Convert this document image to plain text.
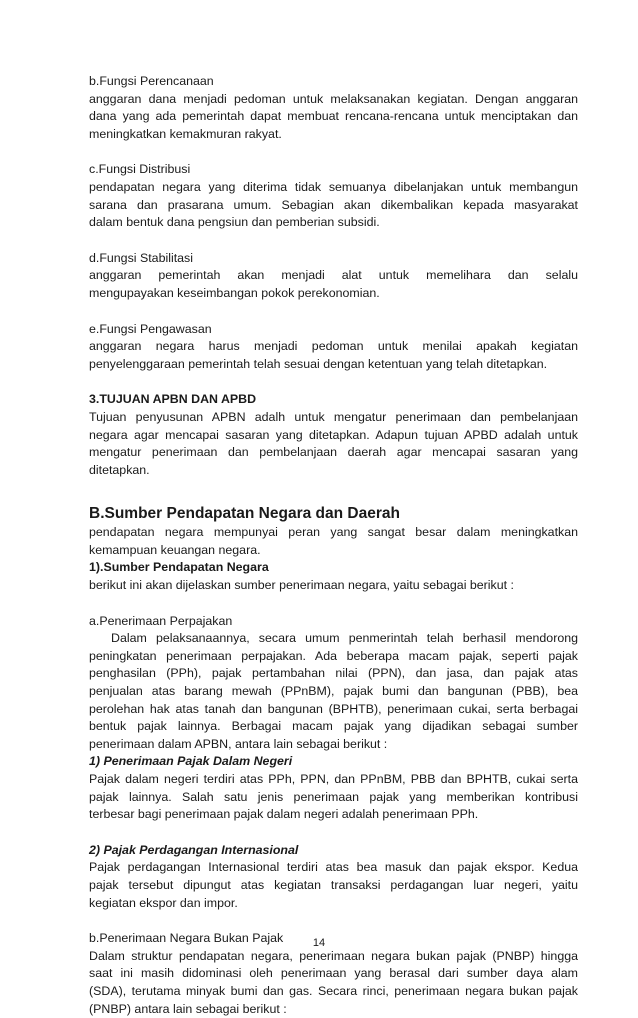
b.Fungsi Perencanaan
anggaran dana menjadi pedoman untuk melaksanakan kegiatan. Dengan anggaran
dana yang ada pemerintah dapat membuat rencana-rencana untuk menciptakan dan
meningkatkan kemakmuran rakyat.
c.Fungsi Distribusi
pendapatan negara yang diterima tidak semuanya dibelanjakan untuk membangun
sarana dan prasarana umum. Sebagian akan dikembalikan kepada masyarakat
dalam bentuk dana pengsiun dan pemberian subsidi.
d.Fungsi Stabilitasi
anggaran pemerintah akan menjadi alat untuk memelihara dan selalu
mengupayakan keseimbangan pokok perekonomian.
e.Fungsi Pengawasan
anggaran negara harus menjadi pedoman untuk menilai apakah kegiatan
penyelenggaraan pemerintah telah sesuai dengan ketentuan yang telah ditetapkan.
3.TUJUAN APBN DAN APBD
Tujuan penyusunan APBN adalh untuk mengatur penerimaan dan pembelanjaan
negara agar mencapai sasaran yang ditetapkan. Adapun tujuan APBD adalah untuk
mengatur penerimaan dan pembelanjaan daerah agar mencapai sasaran yang
ditetapkan.
B.Sumber Pendapatan Negara dan Daerah
pendapatan negara mempunyai peran yang sangat besar dalam meningkatkan
kemampuan keuangan negara.
1).Sumber Pendapatan Negara
berikut ini akan dijelaskan sumber penerimaan negara, yaitu sebagai berikut :
a.Penerimaan Perpajakan
Dalam pelaksanaannya, secara umum penmerintah telah berhasil mendorong
peningkatan penerimaan perpajakan. Ada beberapa macam pajak, seperti pajak
penghasilan (PPh), pajak pertambahan nilai (PPN), dan jasa, dan pajak atas
penjualan atas barang mewah (PPnBM), pajak bumi dan bangunan (PBB), bea
perolehan hak atas tanah dan bangunan (BPHTB), penerimaan cukai, serta berbagai
bentuk pajak lainnya. Berbagai macam pajak yang dijadikan sebagai sumber
penerimaan dalam APBN, antara lain sebagai berikut :
1) Penerimaan Pajak Dalam Negeri
Pajak dalam negeri terdiri atas PPh, PPN, dan PPnBM, PBB dan BPHTB, cukai serta
pajak lainnya. Salah satu jenis penerimaan pajak yang memberikan kontribusi
terbesar bagi penerimaan pajak dalam negeri adalah penerimaan PPh.
2) Pajak Perdagangan Internasional
Pajak perdagangan Internasional terdiri atas bea masuk dan pajak ekspor. Kedua
pajak tersebut dipungut atas kegiatan transaksi perdagangan luar negeri, yaitu
kegiatan ekspor dan impor.
b.Penerimaan Negara Bukan Pajak
Dalam struktur pendapatan negara, penerimaan negara bukan pajak (PNBP) hingga
saat ini masih didominasi oleh penerimaan yang berasal dari sumber daya alam
(SDA), terutama minyak bumi dan gas. Secara rinci, penerimaan negara bukan pajak
(PNBP) antara lain sebagai berikut :
14
